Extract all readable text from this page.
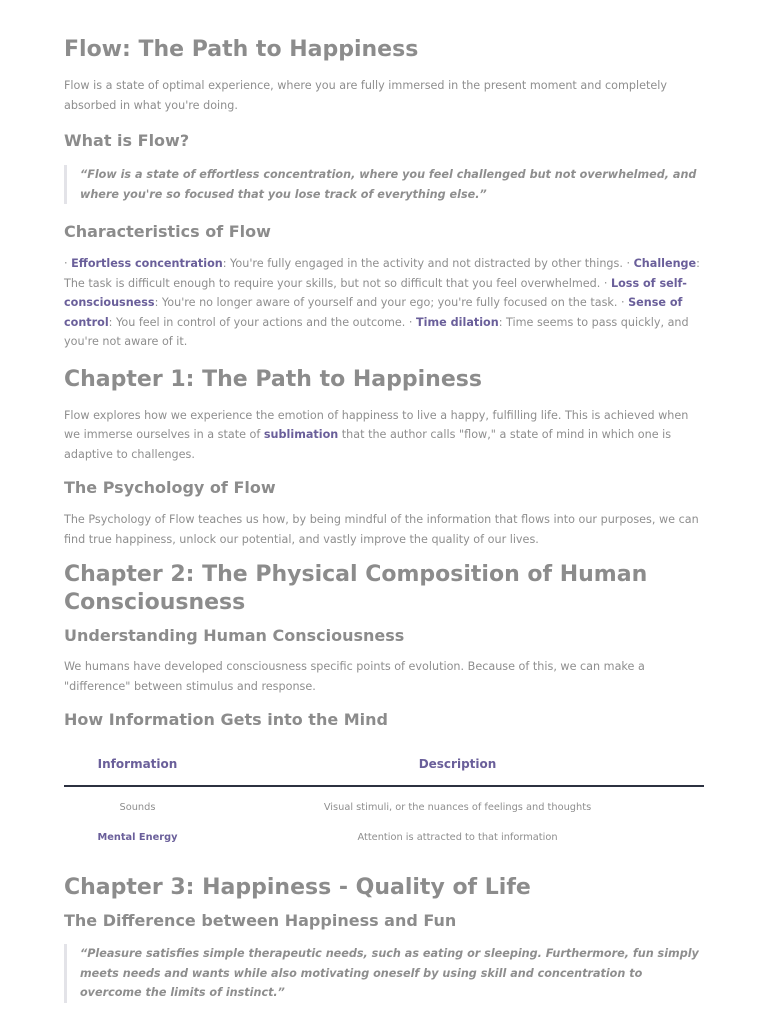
Flow: The Path to Happiness

Flow is a state of optimal experience, where you are fully immersed in the present moment and completely absorbed in what you're doing.

What is Flow?
“Flow is a state of effortless concentration, where you feel challenged but not overwhelmed, and where you're so focused that you lose track of everything else.”
Characteristics of Flow

· Effortless concentration: You're fully engaged in the activity and not distracted by other things. · Challenge: The task is difficult enough to require your skills, but not so difficult that you feel overwhelmed. · Loss of self-consciousness: You're no longer aware of yourself and your ego; you're fully focused on the task. · Sense of control: You feel in control of your actions and the outcome. · Time dilation: Time seems to pass quickly, and you're not aware of it.

Chapter 1: The Path to Happiness

Flow explores how we experience the emotion of happiness to live a happy, fulfilling life. This is achieved when we immerse ourselves in a state of sublimation that the author calls "flow," a state of mind in which one is adaptive to challenges.

The Psychology of Flow

The Psychology of Flow teaches us how, by being mindful of the information that flows into our purposes, we can find true happiness, unlock our potential, and vastly improve the quality of our lives.

Chapter 2: The Physical Composition of Human Consciousness
Understanding Human Consciousness

We humans have developed consciousness specific points of evolution. Because of this, we can make a "difference" between stimulus and response.

How Information Gets into the Mind
Information	Description
Sounds	Visual stimuli, or the nuances of feelings and thoughts
Mental Energy	Attention is attracted to that information
Chapter 3: Happiness - Quality of Life
The Difference between Happiness and Fun
“Pleasure satisfies simple therapeutic needs, such as eating or sleeping. Furthermore, fun simply meets needs and wants while also motivating oneself by using skill and concentration to overcome the limits of instinct.”
